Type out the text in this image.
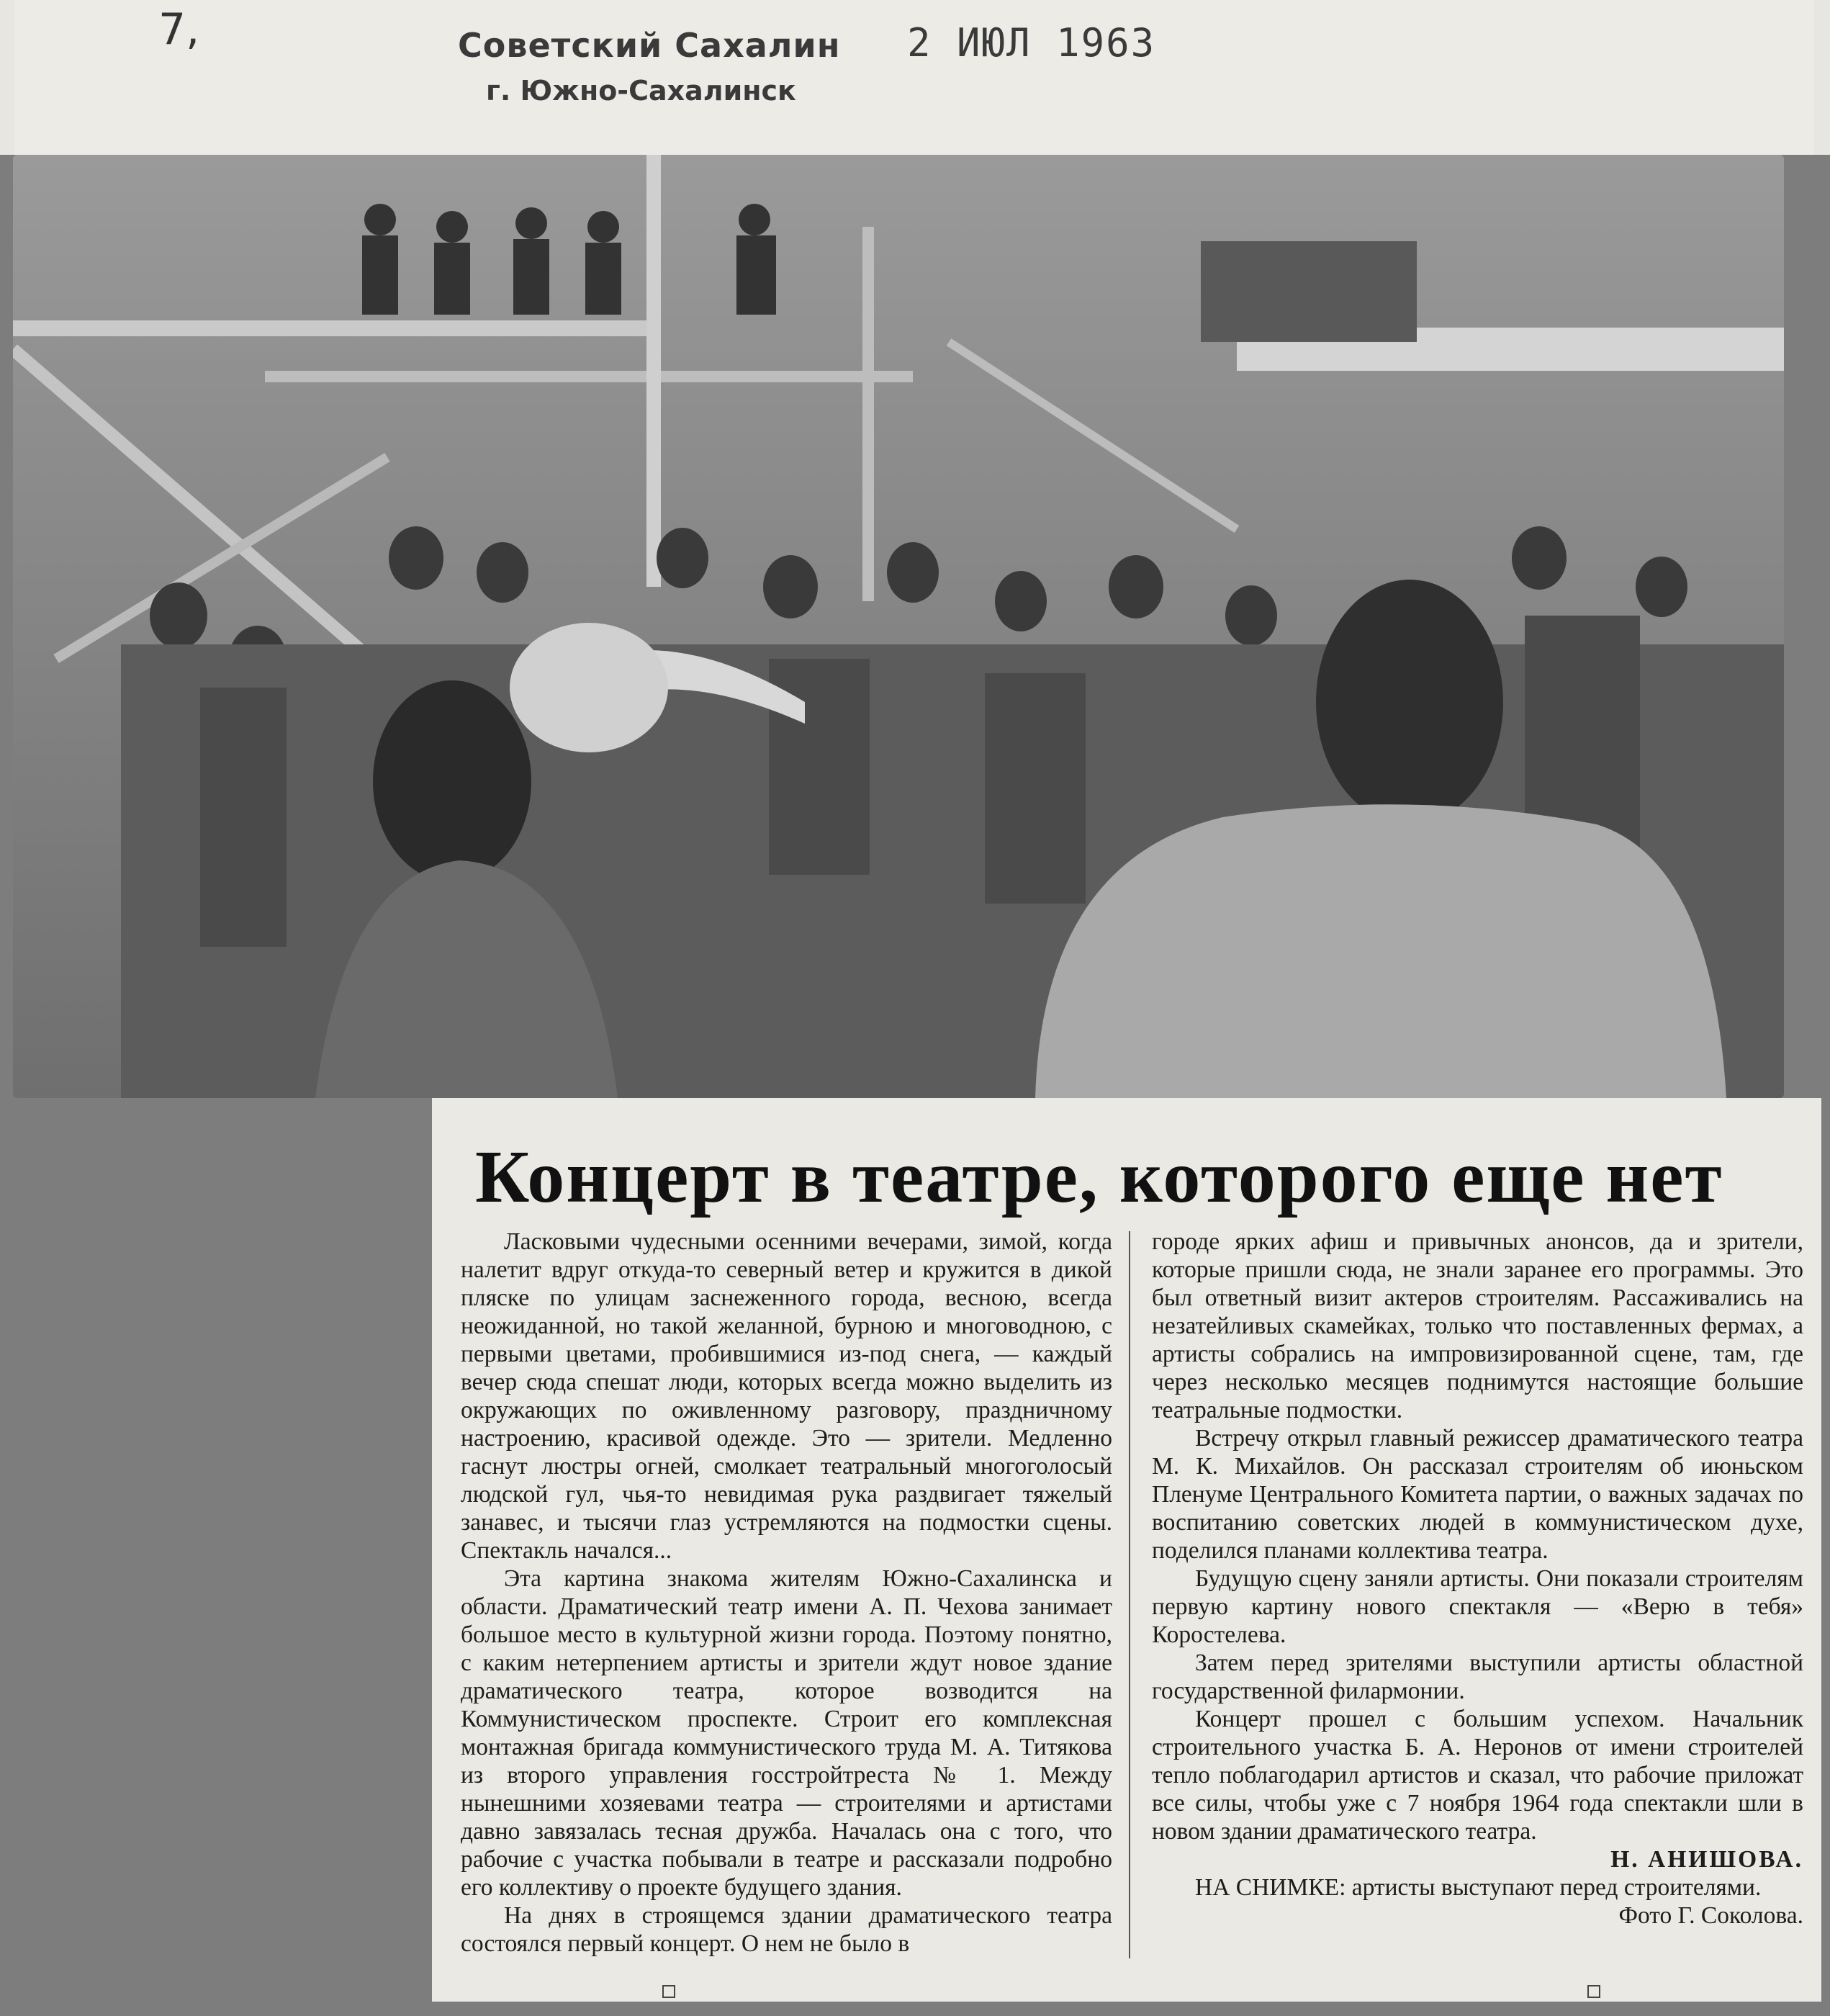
7,	Советский Сахалин
г. Южно-Сахалинск
2 ИЮЛ 1963
Концерт в театре, которого еще нет

Ласковыми чудесными осенними вечерами, зимой, когда налетит вдруг откуда-то северный ветер и кружится в дикой пляске по улицам заснеженного города, весною, всегда неожиданной, но такой желанной, бурною и многоводною, с первыми цветами, пробившимися из-под снега, — каждый вечер сюда спешат люди, которых всегда можно выделить из окружающих по оживленному разговору, праздничному настроению, красивой одежде. Это — зрители. Медленно гаснут люстры огней, смолкает театральный многоголосый людской гул, чья-то невидимая рука раздвигает тяжелый занавес, и тысячи глаз устремляются на подмостки сцены. Спектакль начался...

Эта картина знакома жителям Южно-Сахалинска и области. Драматический театр имени А. П. Чехова занимает большое место в культурной жизни города. Поэтому понятно, с каким нетерпением артисты и зрители ждут новое здание драматического театра, которое возводится на Коммунистическом проспекте. Строит его комплексная монтажная бригада коммунистического труда М. А. Титякова из второго управления госстройтреста № 1. Между нынешними хозяевами театра — строителями и артистами давно завязалась тесная дружба. Началась она с того, что рабочие с участка побывали в театре и рассказали подробно его коллективу о проекте будущего здания.

На днях в строящемся здании драматического театра состоялся первый концерт. О нем не было в

городе ярких афиш и привычных анонсов, да и зрители, которые пришли сюда, не знали заранее его программы. Это был ответный визит актеров строителям. Рассаживались на незатейливых скамейках, только что поставленных фермах, а артисты собрались на импровизированной сцене, там, где через несколько месяцев поднимутся настоящие большие театральные подмостки.

Встречу открыл главный режиссер драматического театра М. К. Михайлов. Он рассказал строителям об июньском Пленуме Центрального Комитета партии, о важных задачах по воспитанию советских людей в коммунистическом духе, поделился планами коллектива театра.

Будущую сцену заняли артисты. Они показали строителям первую картину нового спектакля — «Верю в тебя» Коростелева.

Затем перед зрителями выступили артисты областной государственной филармонии.

Концерт прошел с большим успехом. Начальник строительного участка Б. А. Неронов от имени строителей тепло поблагодарил артистов и сказал, что рабочие приложат все силы, чтобы уже с 7 ноября 1964 года спектакли шли в новом здании драматического театра.

Н. АНИШОВА.

НА СНИМКЕ: артисты выступают перед строителями.

Фото Г. Соколова.
